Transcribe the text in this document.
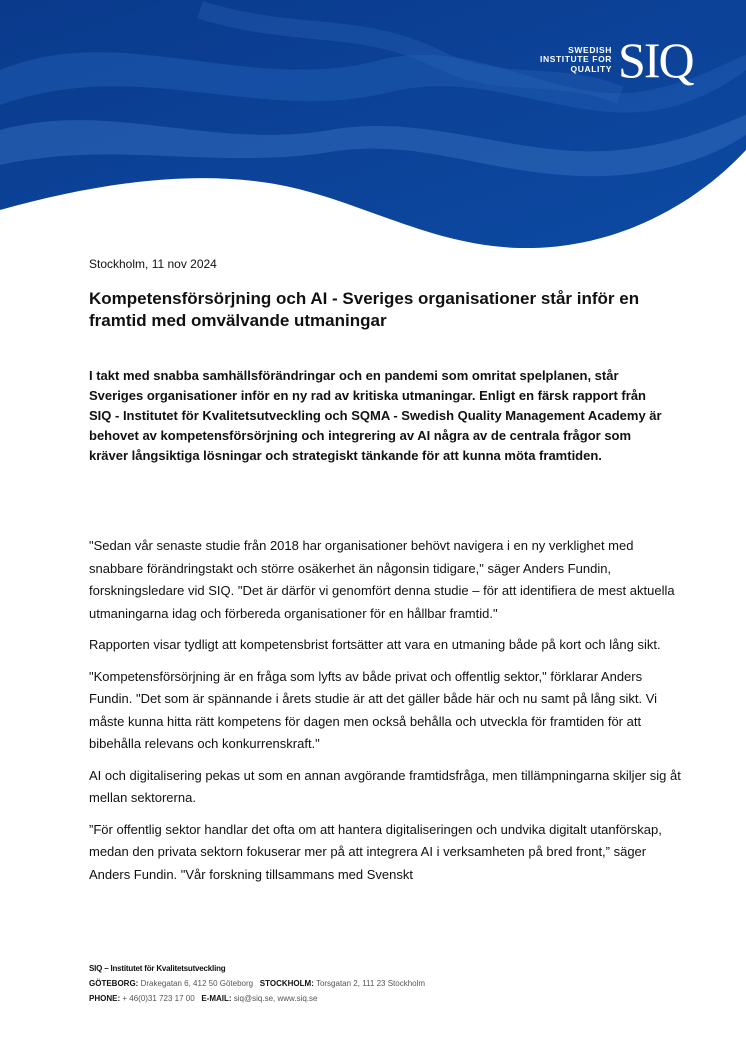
SWEDISH
INSTITUTE FOR
QUALITY SIQ
Stockholm, 11 nov 2024
Kompetensförsörjning och AI - Sveriges organisationer står inför en framtid med omvälvande utmaningar

I takt med snabba samhällsförändringar och en pandemi som omritat spelplanen, står Sveriges organisationer inför en ny rad av kritiska utmaningar. Enligt en färsk rapport från SIQ - Institutet för Kvalitetsutveckling och SQMA - Swedish Quality Management Academy är behovet av kompetensförsörjning och integrering av AI några av de centrala frågor som kräver långsiktiga lösningar och strategiskt tänkande för att kunna möta framtiden.

"Sedan vår senaste studie från 2018 har organisationer behövt navigera i en ny verklighet med snabbare förändringstakt och större osäkerhet än någonsin tidigare," säger Anders Fundin, forskningsledare vid SIQ. "Det är därför vi genomfört denna studie – för att identifiera de mest aktuella utmaningarna idag och förbereda organisationer för en hållbar framtid."

Rapporten visar tydligt att kompetensbrist fortsätter att vara en utmaning både på kort och lång sikt.

"Kompetensförsörjning är en fråga som lyfts av både privat och offentlig sektor," förklarar Anders Fundin. "Det som är spännande i årets studie är att det gäller både här och nu samt på lång sikt. Vi måste kunna hitta rätt kompetens för dagen men också behålla och utveckla för framtiden för att bibehålla relevans och konkurrenskraft."

AI och digitalisering pekas ut som en annan avgörande framtidsfråga, men tillämpningarna skiljer sig åt mellan sektorerna.

”För offentlig sektor handlar det ofta om att hantera digitaliseringen och undvika digitalt utanförskap, medan den privata sektorn fokuserar mer på att integrera AI i verksamheten på bred front,” säger Anders Fundin. "Vår forskning tillsammans med Svenskt

SIQ – Institutet för Kvalitetsutveckling
GÖTEBORG: Drakegatan 6, 412 50 Göteborg STOCKHOLM: Torsgatan 2, 111 23 Stockholm
PHONE: + 46(0)31 723 17 00 E-MAIL: siq@siq.se, www.siq.se
